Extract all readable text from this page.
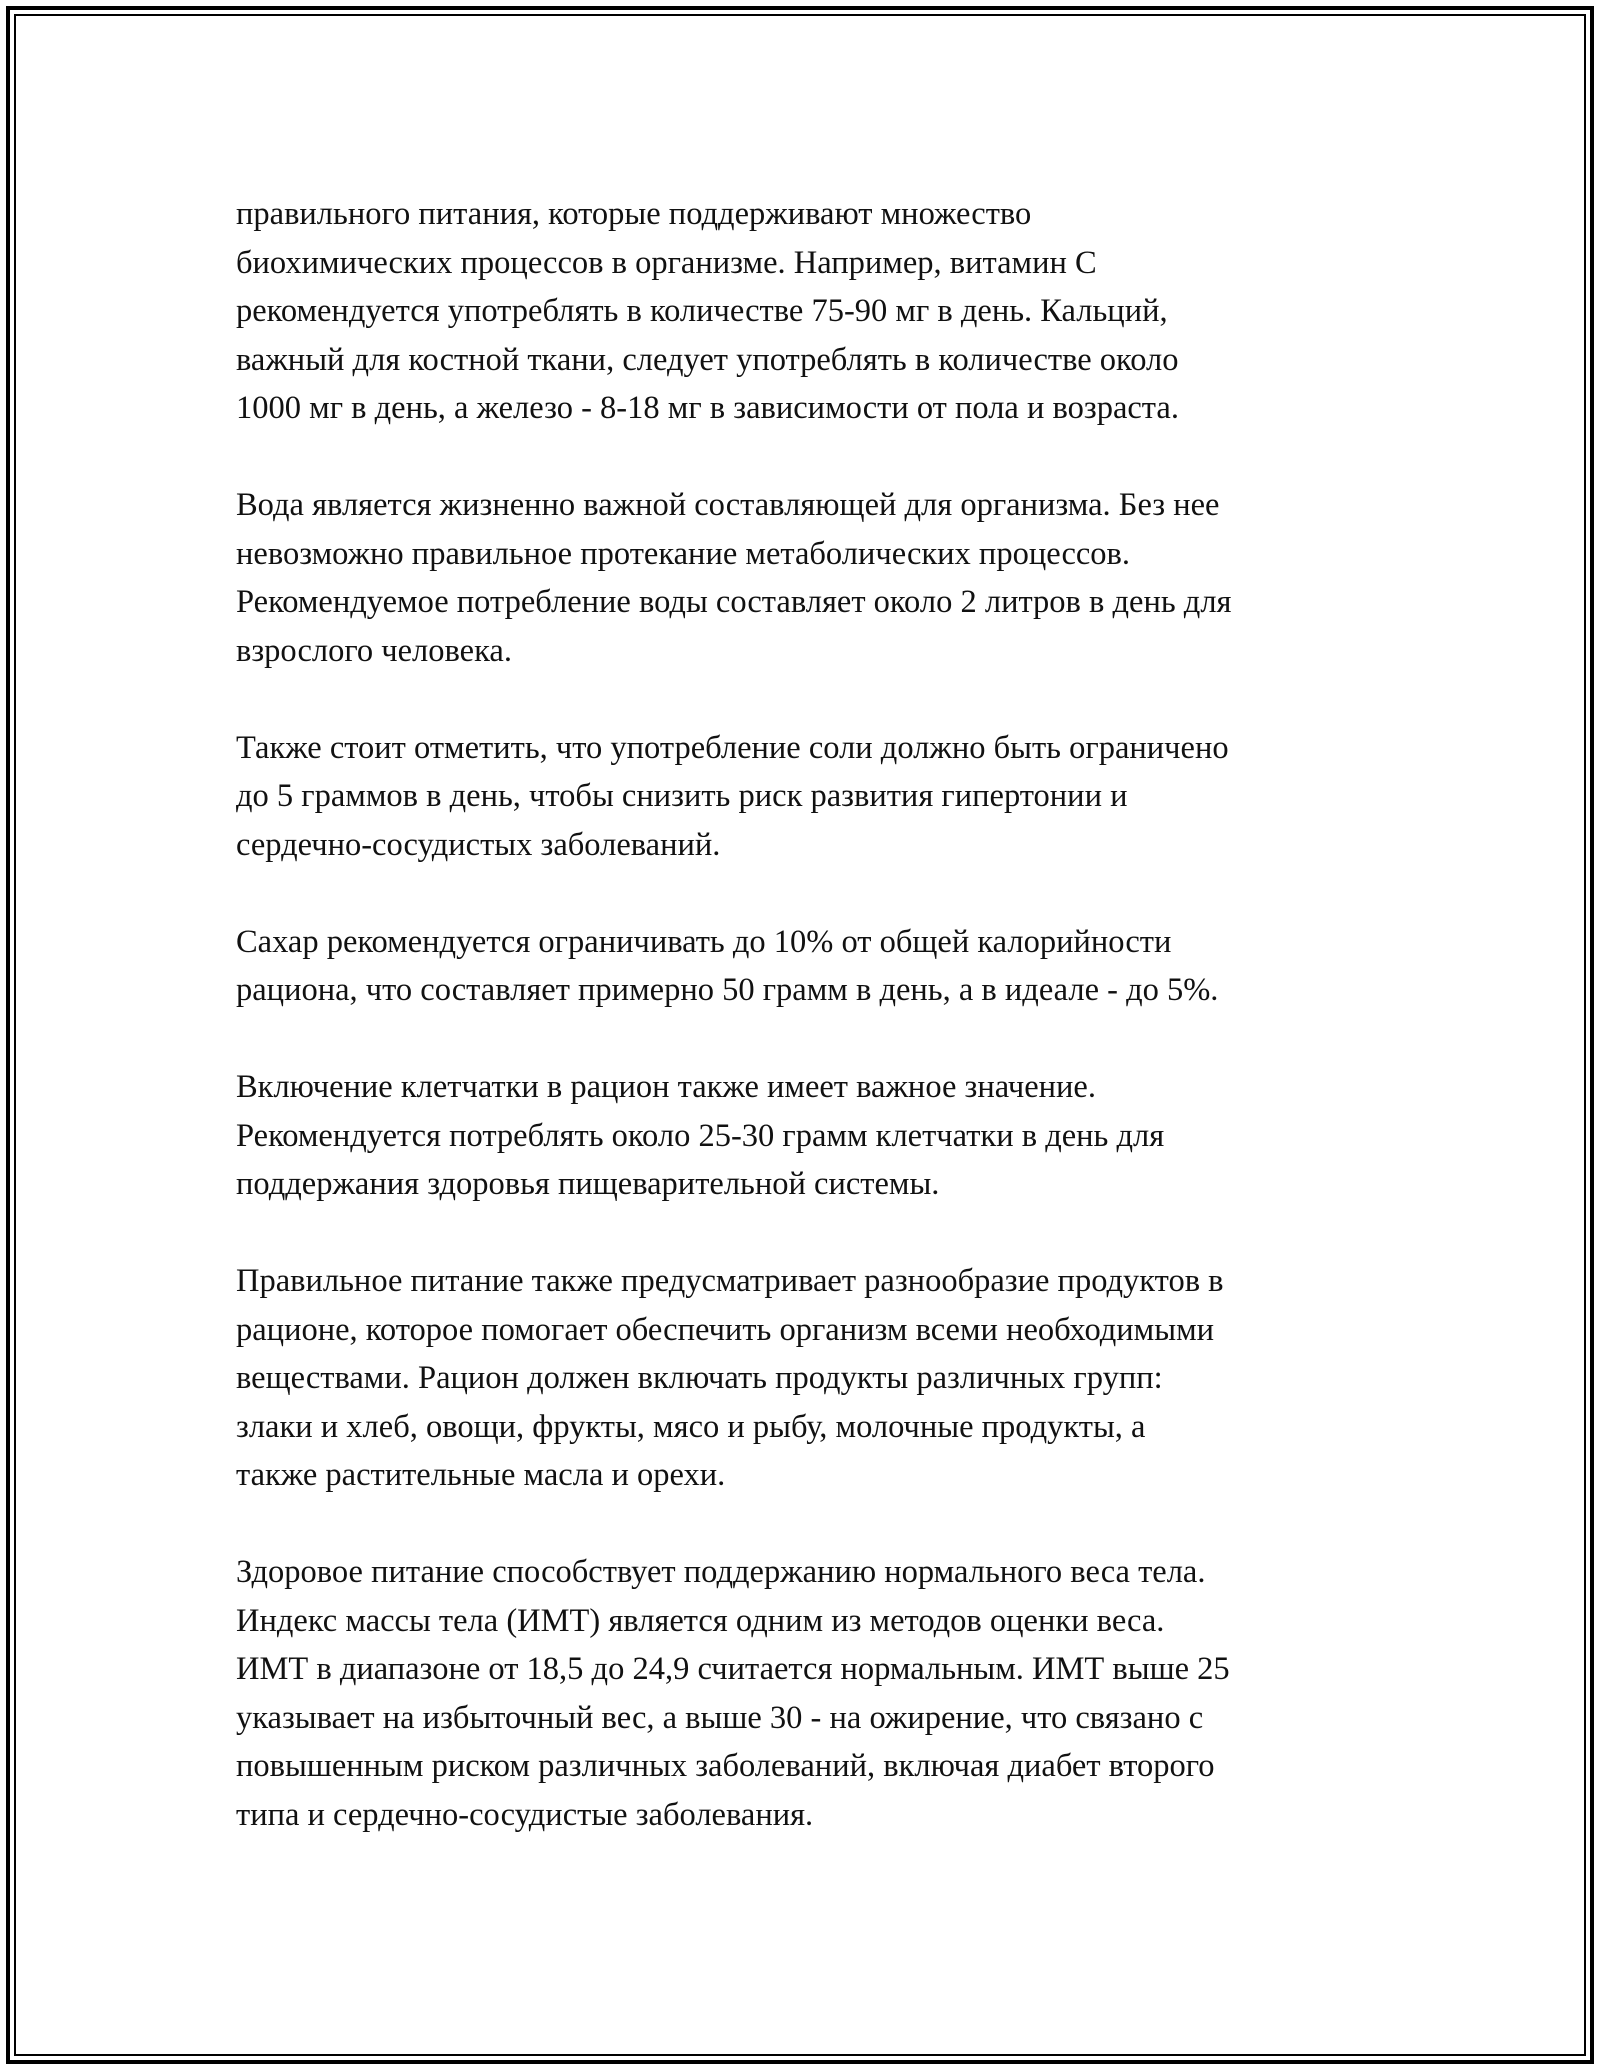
правильного питания, которые поддерживают множество
биохимических процессов в организме. Например, витамин С
рекомендуется употреблять в количестве 75-90 мг в день. Кальций,
важный для костной ткани, следует употреблять в количестве около
1000 мг в день, а железо - 8-18 мг в зависимости от пола и возраста.

Вода является жизненно важной составляющей для организма. Без нее
невозможно правильное протекание метаболических процессов.
Рекомендуемое потребление воды составляет около 2 литров в день для
взрослого человека.

Также стоит отметить, что употребление соли должно быть ограничено
до 5 граммов в день, чтобы снизить риск развития гипертонии и
сердечно-сосудистых заболеваний.

Сахар рекомендуется ограничивать до 10% от общей калорийности
рациона, что составляет примерно 50 грамм в день, а в идеале - до 5%.

Включение клетчатки в рацион также имеет важное значение.
Рекомендуется потреблять около 25-30 грамм клетчатки в день для
поддержания здоровья пищеварительной системы.

Правильное питание также предусматривает разнообразие продуктов в
рационе, которое помогает обеспечить организм всеми необходимыми
веществами. Рацион должен включать продукты различных групп:
злаки и хлеб, овощи, фрукты, мясо и рыбу, молочные продукты, а
также растительные масла и орехи.

Здоровое питание способствует поддержанию нормального веса тела.
Индекс массы тела (ИМТ) является одним из методов оценки веса.
ИМТ в диапазоне от 18,5 до 24,9 считается нормальным. ИМТ выше 25
указывает на избыточный вес, а выше 30 - на ожирение, что связано с
повышенным риском различных заболеваний, включая диабет второго
типа и сердечно-сосудистые заболевания.
